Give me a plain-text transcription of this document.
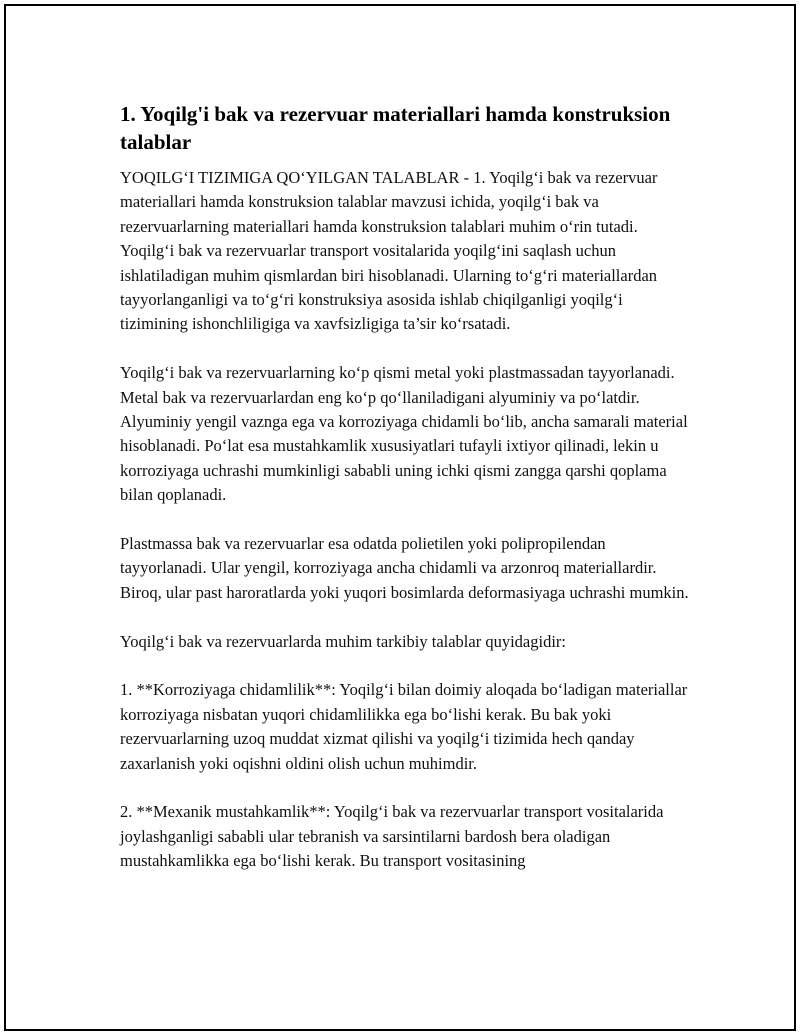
1. Yoqilg'i bak va rezervuar materiallari hamda konstruksion talablar

YOQILG‘I TIZIMIGA QO‘YILGAN TALABLAR - 1. Yoqilg‘i bak va rezervuar materiallari hamda konstruksion talablar mavzusi ichida, yoqilg‘i bak va rezervuarlarning materiallari hamda konstruksion talablari muhim o‘rin tutadi. Yoqilg‘i bak va rezervuarlar transport vositalarida yoqilg‘ini saqlash uchun ishlatiladigan muhim qismlardan biri hisoblanadi. Ularning to‘g‘ri materiallardan tayyorlanganligi va to‘g‘ri konstruksiya asosida ishlab chiqilganligi yoqilg‘i tizimining ishonchliligiga va xavfsizligiga ta’sir ko‘rsatadi.

Yoqilg‘i bak va rezervuarlarning ko‘p qismi metal yoki plastmassadan tayyorlanadi. Metal bak va rezervuarlardan eng ko‘p qo‘llaniladigani alyuminiy va po‘latdir. Alyuminiy yengil vaznga ega va korroziyaga chidamli bo‘lib, ancha samarali material hisoblanadi. Po‘lat esa mustahkamlik xususiyatlari tufayli ixtiyor qilinadi, lekin u korroziyaga uchrashi mumkinligi sababli uning ichki qismi zangga qarshi qoplama bilan qoplanadi.

Plastmassa bak va rezervuarlar esa odatda polietilen yoki polipropilendan tayyorlanadi. Ular yengil, korroziyaga ancha chidamli va arzonroq materiallardir. Biroq, ular past haroratlarda yoki yuqori bosimlarda deformasiyaga uchrashi mumkin.

Yoqilg‘i bak va rezervuarlarda muhim tarkibiy talablar quyidagidir:

1. **Korroziyaga chidamlilik**: Yoqilg‘i bilan doimiy aloqada bo‘ladigan materiallar korroziyaga nisbatan yuqori chidamlilikka ega bo‘lishi kerak. Bu bak yoki rezervuarlarning uzoq muddat xizmat qilishi va yoqilg‘i tizimida hech qanday zaxarlanish yoki oqishni oldini olish uchun muhimdir.

2. **Mexanik mustahkamlik**: Yoqilg‘i bak va rezervuarlar transport vositalarida joylashganligi sababli ular tebranish va sarsintilarni bardosh bera oladigan mustahkamlikka ega bo‘lishi kerak. Bu transport vositasining
